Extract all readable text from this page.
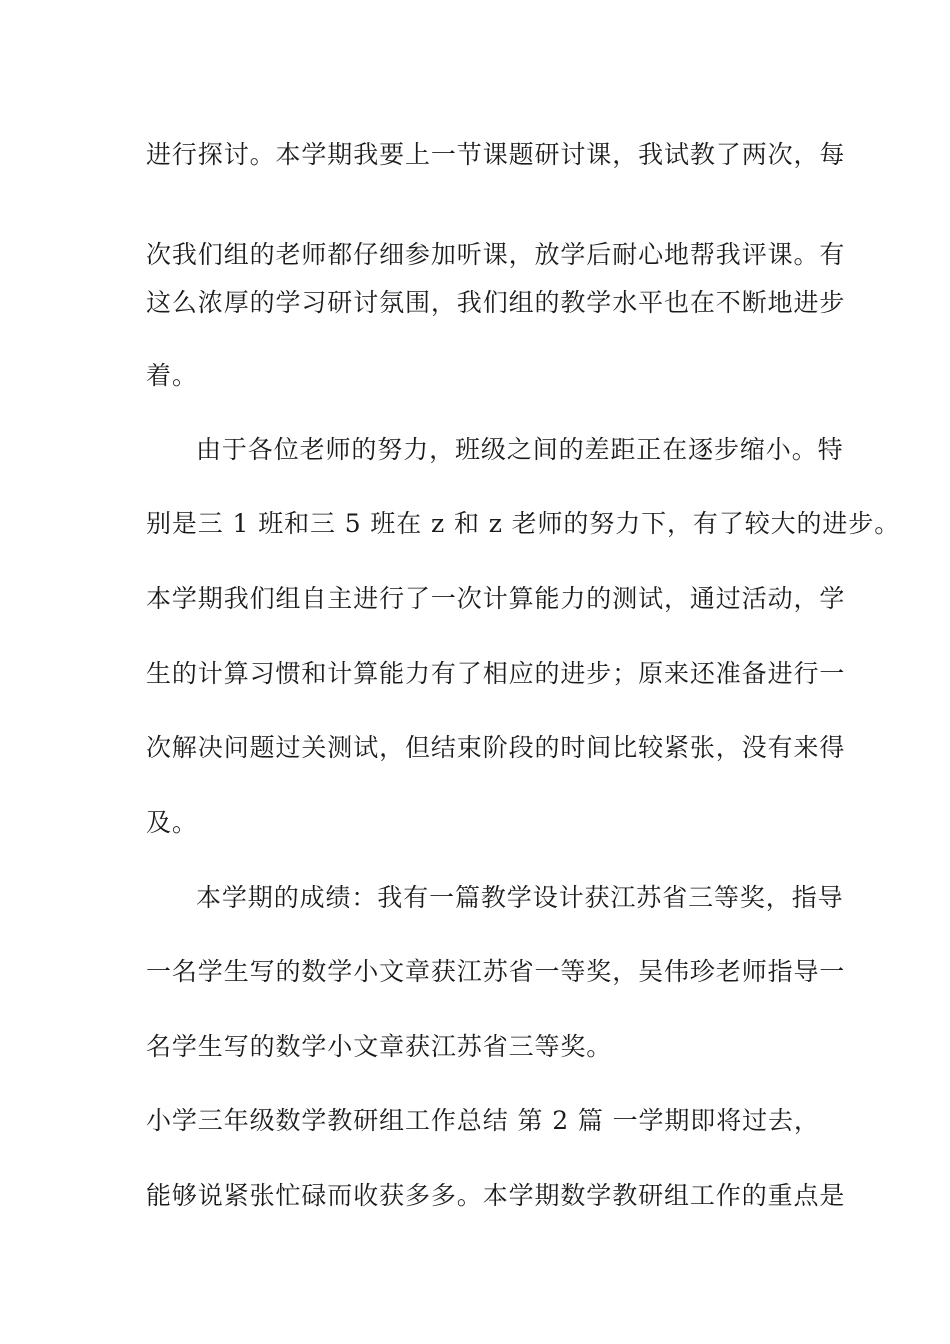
进行探讨。本学期我要上一节课题研讨课，我试教了两次，每
次我们组的老师都仔细参加听课，放学后耐心地帮我评课。有
这么浓厚的学习研讨氛围，我们组的教学水平也在不断地进步
着。
由于各位老师的努力，班级之间的差距正在逐步缩小。特
别是三 1 班和三 5 班在 z 和 z 老师的努力下，有了较大的进步。
本学期我们组自主进行了一次计算能力的测试，通过活动，学
生的计算习惯和计算能力有了相应的进步；原来还准备进行一
次解决问题过关测试，但结束阶段的时间比较紧张，没有来得
及。
本学期的成绩：我有一篇教学设计获江苏省三等奖，指导
一名学生写的数学小文章获江苏省一等奖，吴伟珍老师指导一
名学生写的数学小文章获江苏省三等奖。
小学三年级数学教研组工作总结 第 2 篇 一学期即将过去，
能够说紧张忙碌而收获多多。本学期数学教研组工作的重点是
